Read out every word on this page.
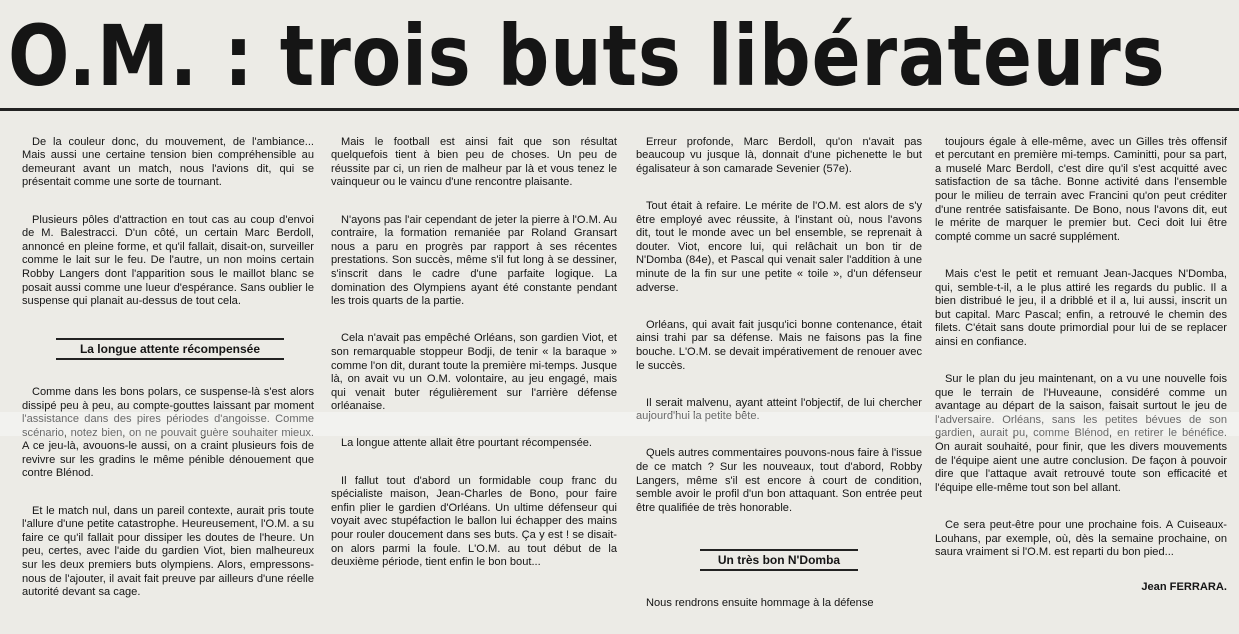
O.M. : trois buts libérateurs

De la couleur donc, du mouvement, de l'ambiance... Mais aussi une certaine tension bien compréhensible au demeurant avant un match, nous l'avions dit, qui se présentait comme une sorte de tournant.

Plusieurs pôles d'attraction en tout cas au coup d'envoi de M. Balestracci. D'un côté, un certain Marc Berdoll, annoncé en pleine forme, et qu'il fallait, disait-on, surveiller comme le lait sur le feu. De l'autre, un non moins certain Robby Langers dont l'apparition sous le maillot blanc se posait aussi comme une lueur d'espérance. Sans oublier le suspense qui planait au-dessus de tout cela.

La longue attente récompensée

Comme dans les bons polars, ce suspense-là s'est alors dissipé peu à peu, au compte-gouttes laissant par moment l'assistance dans des pires périodes d'angoisse. Comme scénario, notez bien, on ne pouvait guère souhaiter mieux. A ce jeu-là, avouons-le aussi, on a craint plusieurs fois de revivre sur les gradins le même pénible dénouement que contre Blénod.

Et le match nul, dans un pareil contexte, aurait pris toute l'allure d'une petite catastrophe. Heureusement, l'O.M. a su faire ce qu'il fallait pour dissiper les doutes de l'heure. Un peu, certes, avec l'aide du gardien Viot, bien malheureux sur les deux premiers buts olympiens. Alors, empressons-nous de l'ajouter, il avait fait preuve par ailleurs d'une réelle autorité devant sa cage.

Mais le football est ainsi fait que son résultat quelquefois tient à bien peu de choses. Un peu de réussite par ci, un rien de malheur par là et vous tenez le vainqueur ou le vaincu d'une rencontre plaisante.

N'ayons pas l'air cependant de jeter la pierre à l'O.M. Au contraire, la formation remaniée par Roland Gransart nous a paru en progrès par rapport à ses récentes prestations. Son succès, même s'il fut long à se dessiner, s'inscrit dans le cadre d'une parfaite logique. La domination des Olympiens ayant été constante pendant les trois quarts de la partie.

Cela n'avait pas empêché Orléans, son gardien Viot, et son remarquable stoppeur Bodji, de tenir « la baraque » comme l'on dit, durant toute la première mi-temps. Jusque là, on avait vu un O.M. volontaire, au jeu engagé, mais qui venait buter régulièrement sur l'arrière défense orléanaise.

La longue attente allait être pourtant récompensée.

Il fallut tout d'abord un formidable coup franc du spécialiste maison, Jean-Charles de Bono, pour faire enfin plier le gardien d'Orléans. Un ultime défenseur qui voyait avec stupéfaction le ballon lui échapper des mains pour rouler doucement dans ses buts. Ça y est ! se disait-on alors parmi la foule. L'O.M. au tout début de la deuxième période, tient enfin le bon bout...

Erreur profonde, Marc Berdoll, qu'on n'avait pas beaucoup vu jusque là, donnait d'une pichenette le but égalisateur à son camarade Sevenier (57e).

Tout était à refaire. Le mérite de l'O.M. est alors de s'y être employé avec réussite, à l'instant où, nous l'avons dit, tout le monde avec un bel ensemble, se reprenait à douter. Viot, encore lui, qui relâchait un bon tir de N'Domba (84e), et Pascal qui venait saler l'addition à une minute de la fin sur une petite « toile », d'un défenseur adverse.

Orléans, qui avait fait jusqu'ici bonne contenance, était ainsi trahi par sa défense. Mais ne faisons pas la fine bouche. L'O.M. se devait impérativement de renouer avec le succès.

Il serait malvenu, ayant atteint l'objectif, de lui chercher aujourd'hui la petite bête.

Quels autres commentaires pouvons-nous faire à l'issue de ce match ? Sur les nouveaux, tout d'abord, Robby Langers, même s'il est encore à court de condition, semble avoir le profil d'un bon attaquant. Son entrée peut être qualifiée de très honorable.

Un très bon N'Domba

Nous rendrons ensuite hommage à la défense

toujours égale à elle-même, avec un Gilles très offensif et percutant en première mi-temps. Caminitti, pour sa part, a muselé Marc Berdoll, c'est dire qu'il s'est acquitté avec satisfaction de sa tâche. Bonne activité dans l'ensemble pour le milieu de terrain avec Francini qu'on peut créditer d'une rentrée satisfaisante. De Bono, nous l'avons dit, eut le mérite de marquer le premier but. Ceci doit lui être compté comme un sacré supplément.

Mais c'est le petit et remuant Jean-Jacques N'Domba, qui, semble-t-il, a le plus attiré les regards du public. Il a bien distribué le jeu, il a dribblé et il a, lui aussi, inscrit un but capital. Marc Pascal; enfin, a retrouvé le chemin des filets. C'était sans doute primordial pour lui de se replacer ainsi en confiance.

Sur le plan du jeu maintenant, on a vu une nouvelle fois que le terrain de l'Huveaune, considéré comme un avantage au départ de la saison, faisait surtout le jeu de l'adversaire. Orléans, sans les petites bévues de son gardien, aurait pu, comme Blénod, en retirer le bénéfice. On aurait souhaité, pour finir, que les divers mouvements de l'équipe aient une autre conclusion. De façon à pouvoir dire que l'attaque avait retrouvé toute son efficacité et l'équipe elle-même tout son bel allant.

Ce sera peut-être pour une prochaine fois. A Cuiseaux-Louhans, par exemple, où, dès la semaine prochaine, on saura vraiment si l'O.M. est reparti du bon pied...

Jean FERRARA.
